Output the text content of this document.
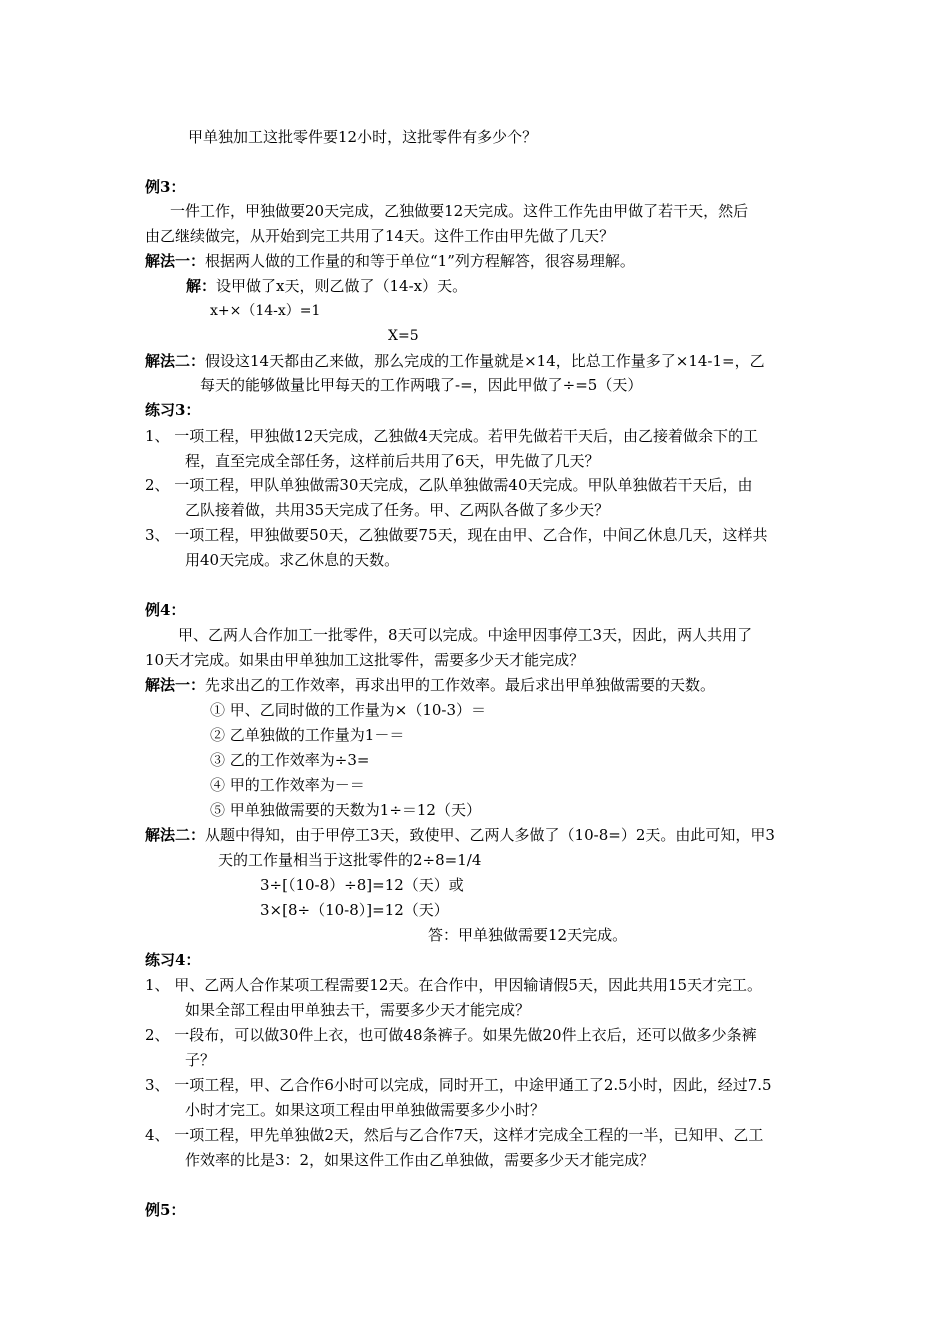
甲单独加工这批零件要12小时，这批零件有多少个？
例3：
一件工作，甲独做要20天完成，乙独做要12天完成。这件工作先由甲做了若干天，然后
由乙继续做完，从开始到完工共用了14天。这件工作由甲先做了几天？
解法一：根据两人做的工作量的和等于单位“1”列方程解答，很容易理解。
解：设甲做了x天，则乙做了（14-x）天。
x+×（14-x）=1
X=5
解法二：假设这14天都由乙来做，那么完成的工作量就是×14，比总工作量多了×14-1=，乙
每天的能够做量比甲每天的工作两哦了-=，因此甲做了÷=5（天）
练习3：
1、 一项工程，甲独做12天完成，乙独做4天完成。若甲先做若干天后，由乙接着做余下的工
程，直至完成全部任务，这样前后共用了6天，甲先做了几天？
2、 一项工程，甲队单独做需30天完成，乙队单独做需40天完成。甲队单独做若干天后，由
乙队接着做，共用35天完成了任务。甲、乙两队各做了多少天？
3、 一项工程，甲独做要50天，乙独做要75天，现在由甲、乙合作，中间乙休息几天，这样共
用40天完成。求乙休息的天数。
例4：
甲、乙两人合作加工一批零件，8天可以完成。中途甲因事停工3天，因此，两人共用了
10天才完成。如果由甲单独加工这批零件，需要多少天才能完成？
解法一：先求出乙的工作效率，再求出甲的工作效率。最后求出甲单独做需要的天数。
① 甲、乙同时做的工作量为×（10-3）＝
② 乙单独做的工作量为1－＝
③ 乙的工作效率为÷3=
④ 甲的工作效率为－＝
⑤ 甲单独做需要的天数为1÷＝12（天）
解法二：从题中得知，由于甲停工3天，致使甲、乙两人多做了（10-8=）2天。由此可知，甲3
天的工作量相当于这批零件的2÷8=1/4
3÷[（10-8）÷8]=12（天）或
3×[8÷（10-8）]=12（天）
答：甲单独做需要12天完成。
练习4：
1、 甲、乙两人合作某项工程需要12天。在合作中，甲因输请假5天，因此共用15天才完工。
如果全部工程由甲单独去干，需要多少天才能完成？
2、 一段布，可以做30件上衣，也可做48条裤子。如果先做20件上衣后，还可以做多少条裤
子？
3、 一项工程，甲、乙合作6小时可以完成，同时开工，中途甲通工了2.5小时，因此，经过7.5
小时才完工。如果这项工程由甲单独做需要多少小时？
4、 一项工程，甲先单独做2天，然后与乙合作7天，这样才完成全工程的一半，已知甲、乙工
作效率的比是3：2，如果这件工作由乙单独做，需要多少天才能完成？
例5：
